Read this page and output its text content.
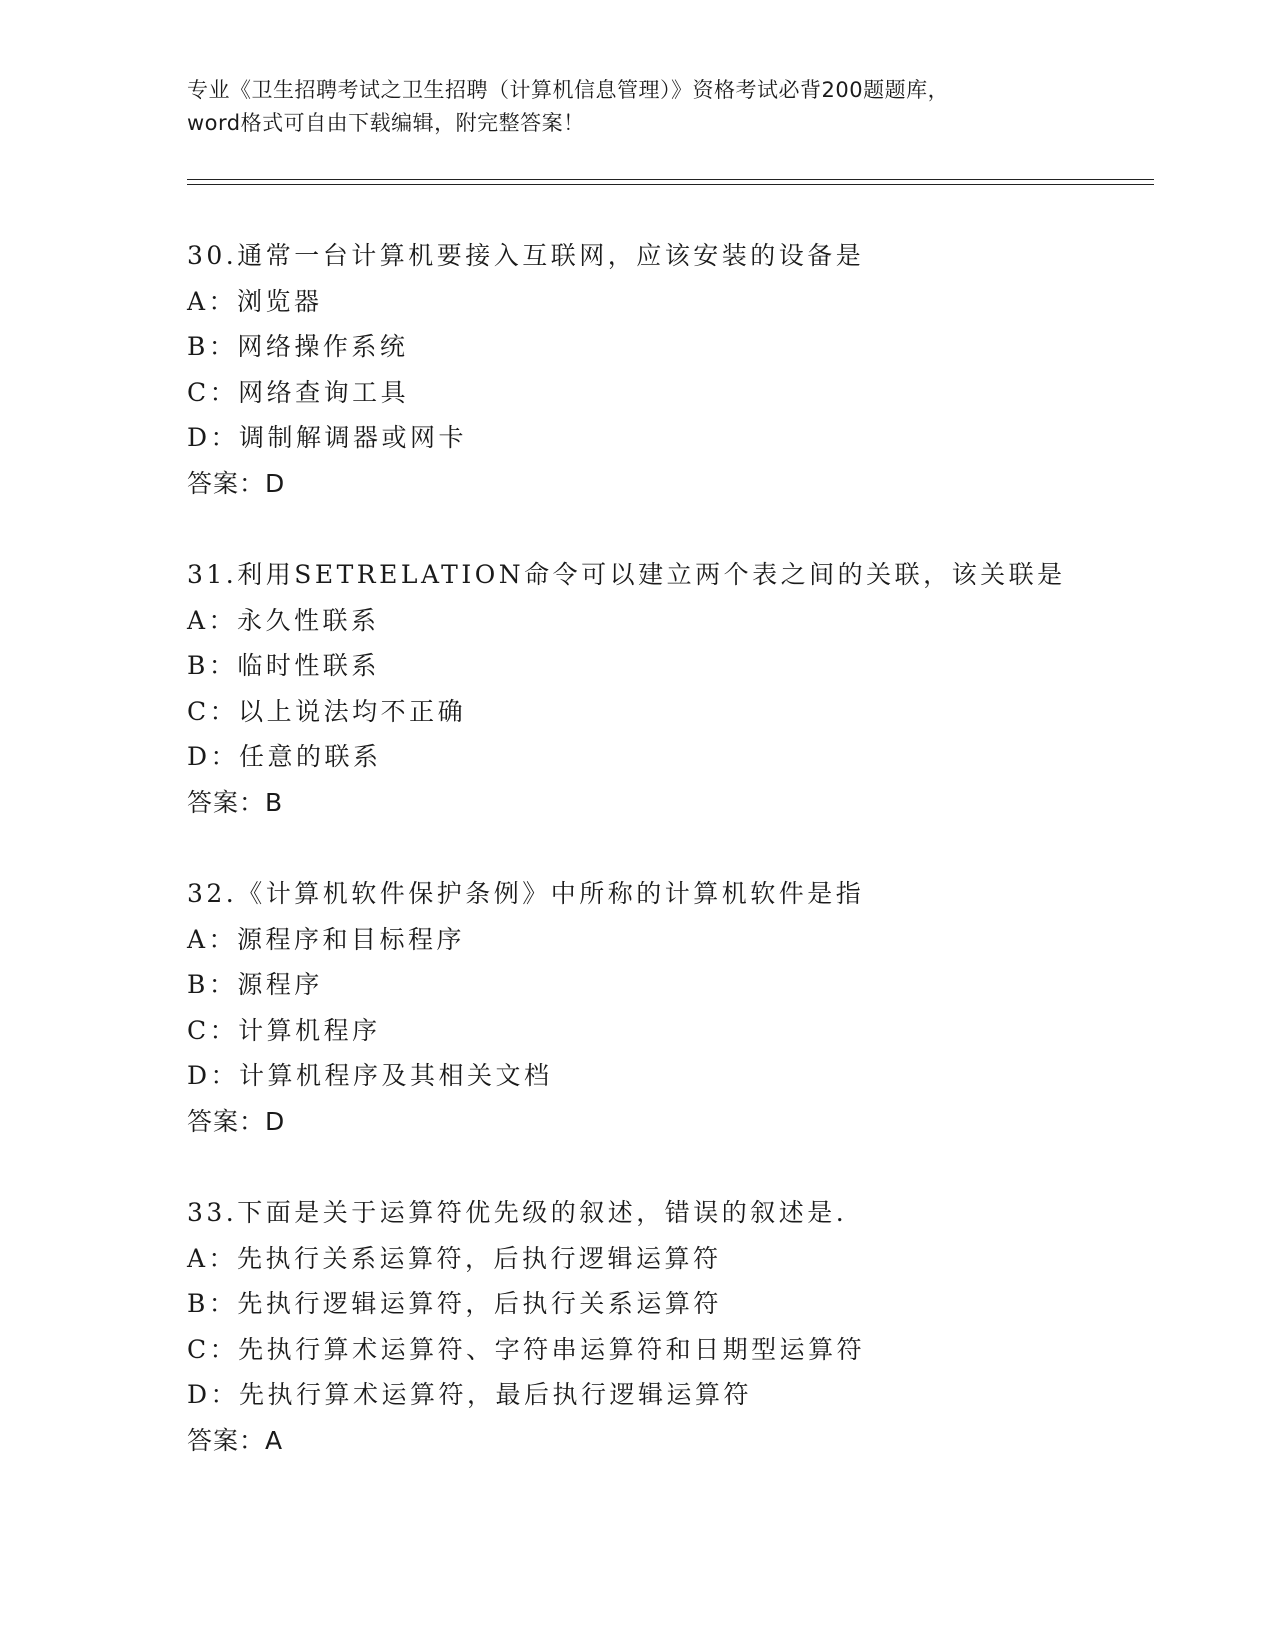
专业《卫生招聘考试之卫生招聘（计算机信息管理）》资格考试必背200题题库，
word格式可自由下载编辑，附完整答案！
30.通常一台计算机要接入互联网，应该安装的设备是
A：浏览器
B：网络操作系统
C：网络查询工具
D：调制解调器或网卡
答案：D
31.利用SETRELATION命令可以建立两个表之间的关联，该关联是
A：永久性联系
B：临时性联系
C：以上说法均不正确
D：任意的联系
答案：B
32.《计算机软件保护条例》中所称的计算机软件是指
A：源程序和目标程序
B：源程序
C：计算机程序
D：计算机程序及其相关文档
答案：D
33.下面是关于运算符优先级的叙述，错误的叙述是.
A：先执行关系运算符，后执行逻辑运算符
B：先执行逻辑运算符，后执行关系运算符
C：先执行算术运算符、字符串运算符和日期型运算符
D：先执行算术运算符，最后执行逻辑运算符
答案：A
